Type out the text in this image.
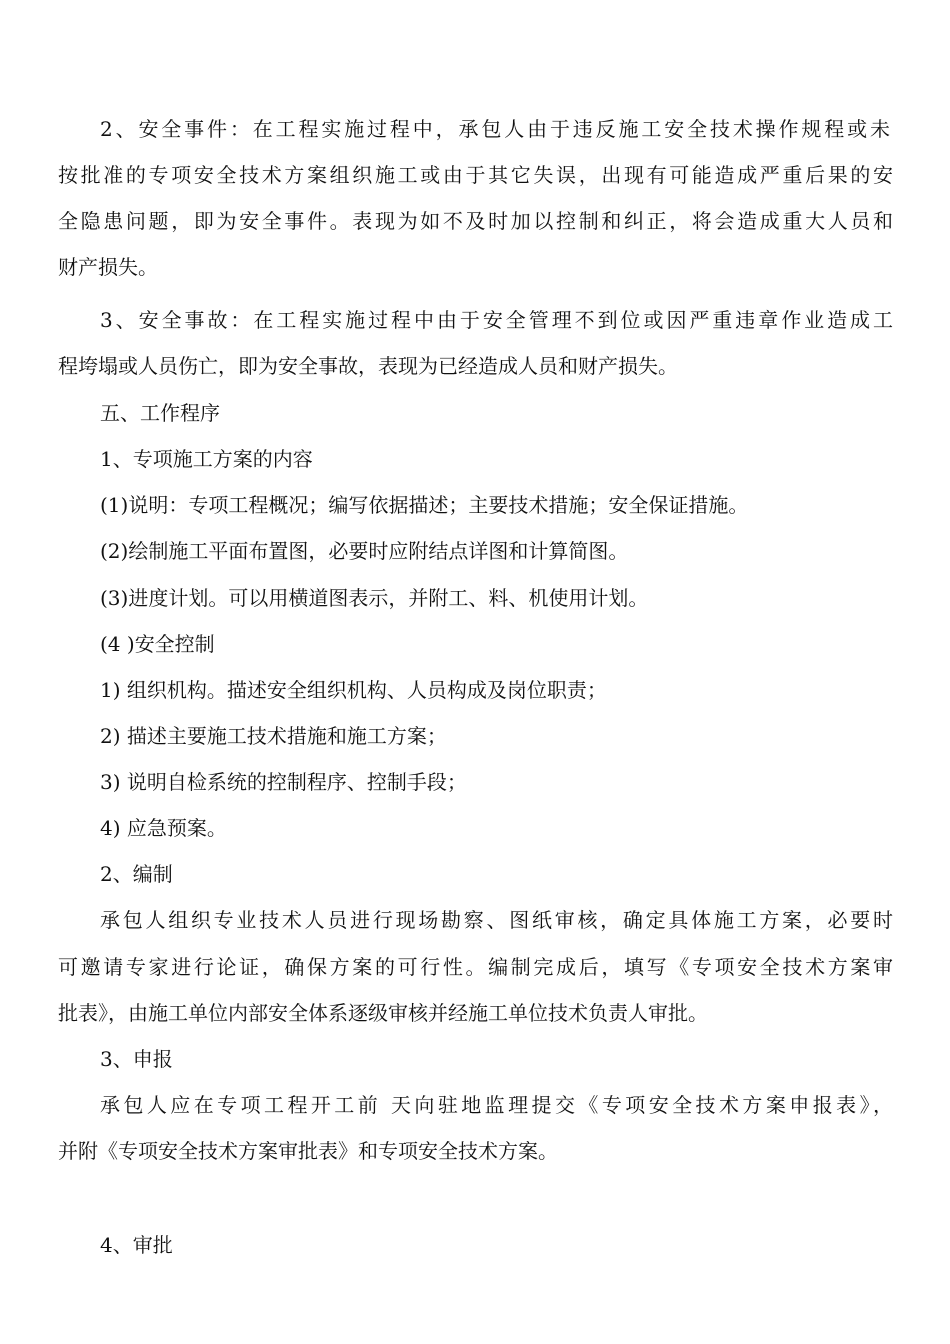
2、安全事件：在工程实施过程中，承包人由于违反施工安全技术操作规程或未
按批准的专项安全技术方案组织施工或由于其它失误，出现有可能造成严重后果的安
全隐患问题，即为安全事件。表现为如不及时加以控制和纠正，将会造成重大人员和
财产损失。
3、安全事故：在工程实施过程中由于安全管理不到位或因严重违章作业造成工
程垮塌或人员伤亡，即为安全事故，表现为已经造成人员和财产损失。
五、工作程序
1、专项施工方案的内容
(1)说明：专项工程概况；编写依据描述；主要技术措施；安全保证措施。
(2)绘制施工平面布置图，必要时应附结点详图和计算简图。
(3)进度计划。可以用横道图表示，并附工、料、机使用计划。
(4 )安全控制
1) 组织机构。描述安全组织机构、人员构成及岗位职责；
2) 描述主要施工技术措施和施工方案；
3) 说明自检系统的控制程序、控制手段；
4) 应急预案。
2、编制
承包人组织专业技术人员进行现场勘察、图纸审核，确定具体施工方案，必要时
可邀请专家进行论证，确保方案的可行性。编制完成后，填写《专项安全技术方案审
批表》，由施工单位内部安全体系逐级审核并经施工单位技术负责人审批。
3、申报
承包人应在专项工程开工前 天向驻地监理提交《专项安全技术方案申报表》，
并附《专项安全技术方案审批表》和专项安全技术方案。
4、审批
